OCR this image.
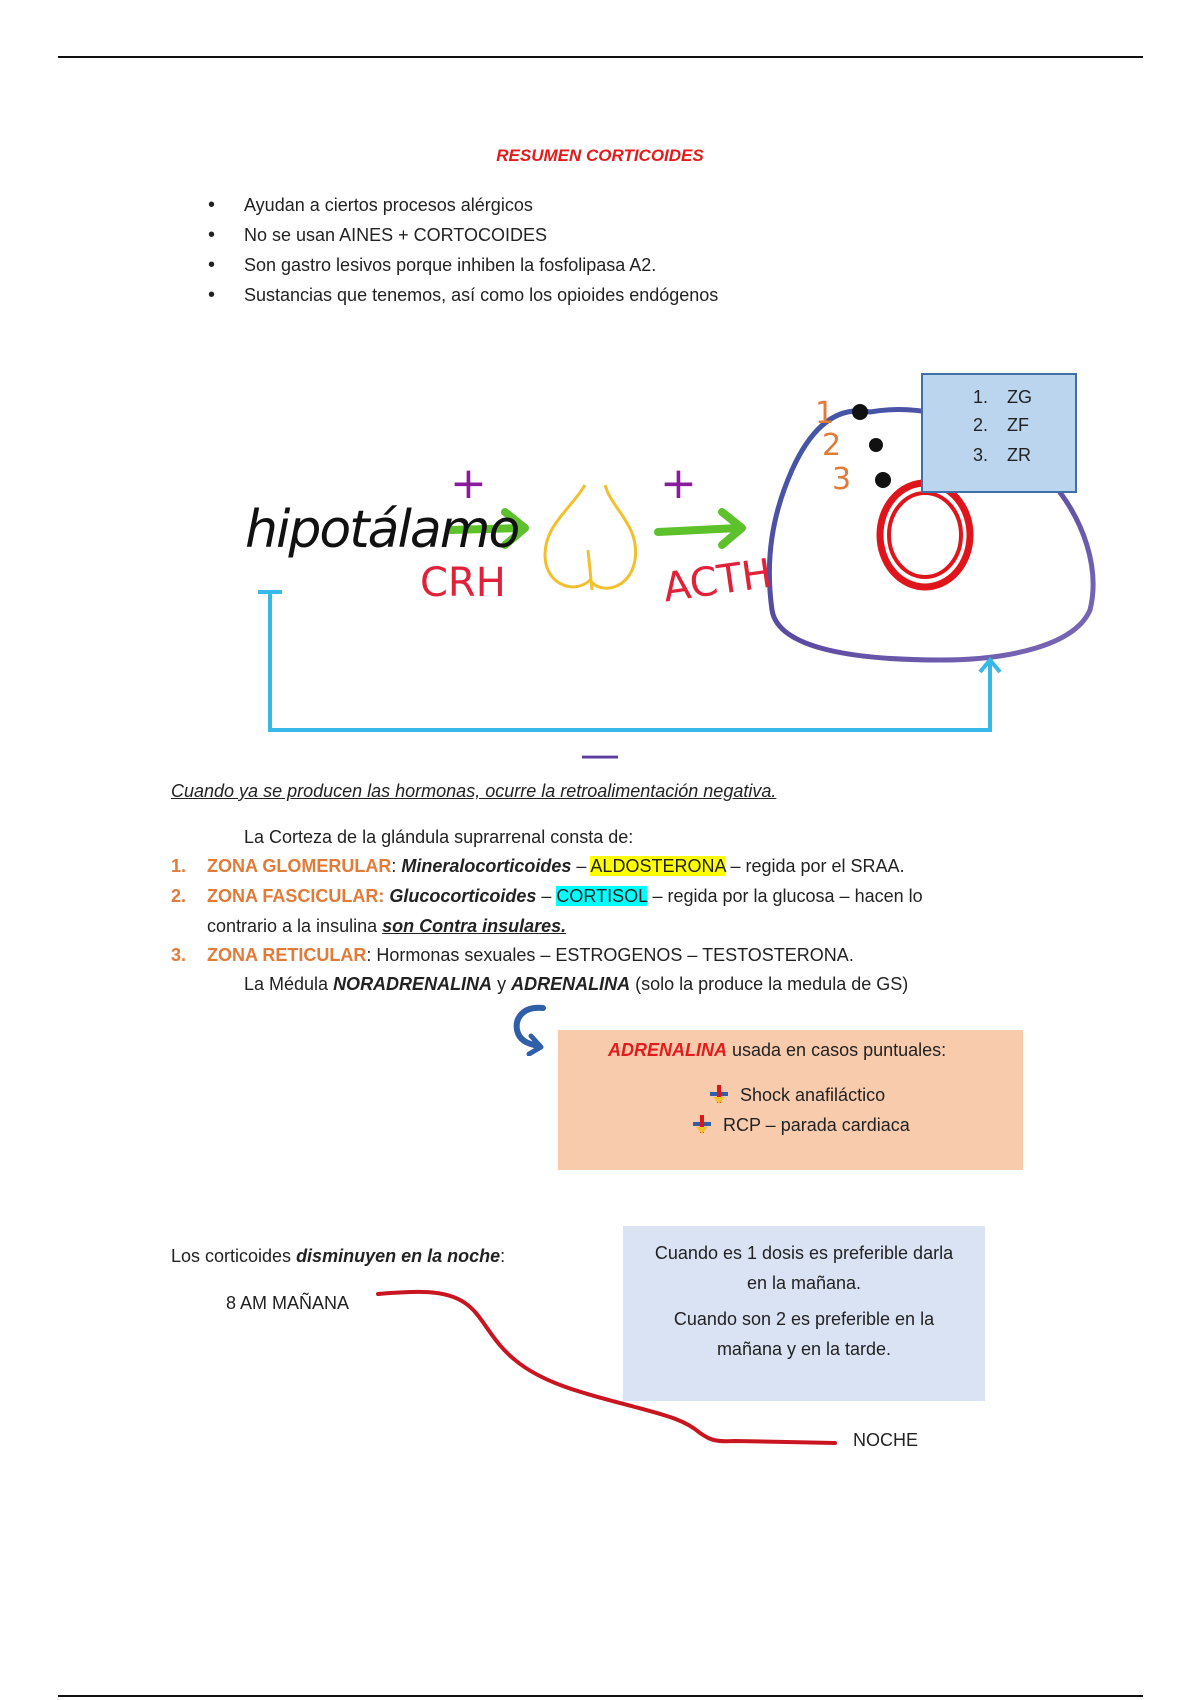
RESUMEN CORTICOIDES
• Ayudan a ciertos procesos alérgicos
• No se usan AINES + CORTOCOIDES
• Son gastro lesivos porque inhiben la fosfolipasa A2.
• Sustancias que tenemos, así como los opioides endógenos
hipotálamo
+
CRH
+
ACTH
—
1
2
3
1. ZG
2. ZF
3. ZR
Cuando ya se producen las hormonas, ocurre la retroalimentación negativa.
La Corteza de la glándula suprarrenal consta de:
1. ZONA GLOMERULAR: Mineralocorticoides – ALDOSTERONA – regida por el SRAA.
2. ZONA FASCICULAR: Glucocorticoides – CORTISOL – regida por la glucosa – hacen lo
contrario a la insulina son Contra insulares.
3. ZONA RETICULAR: Hormonas sexuales – ESTROGENOS – TESTOSTERONA.
La Médula NORADRENALINA y ADRENALINA (solo la produce la medula de GS)
ADRENALINA usada en casos puntuales:
Shock anafiláctico
RCP – parada cardiaca
Los corticoides disminuyen en la noche:
8 AM MAÑANA
NOCHE
Cuando es 1 dosis es preferible darla en la mañana.
Cuando son 2 es preferible en la mañana y en la tarde.
